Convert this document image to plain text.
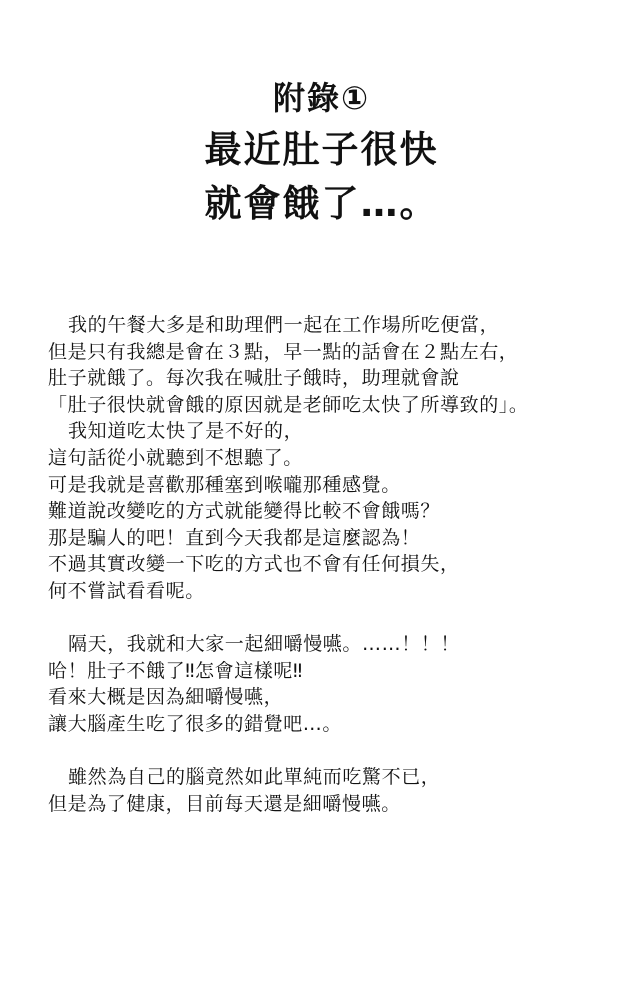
附錄①
最近肚子很快
就會餓了…。
我的午餐大多是和助理們一起在工作場所吃便當，
但是只有我總是會在３點，早一點的話會在２點左右，
肚子就餓了。每次我在喊肚子餓時，助理就會說
「肚子很快就會餓的原因就是老師吃太快了所導致的」。
我知道吃太快了是不好的，
這句話從小就聽到不想聽了。
可是我就是喜歡那種塞到喉嚨那種感覺。
難道說改變吃的方式就能變得比較不會餓嗎？
那是騙人的吧！直到今天我都是這麼認為！
不過其實改變一下吃的方式也不會有任何損失，
何不嘗試看看呢。
隔天，我就和大家一起細嚼慢嚥。……！！！
哈！肚子不餓了‼怎會這樣呢‼
看來大概是因為細嚼慢嚥，
讓大腦產生吃了很多的錯覺吧…。
雖然為自己的腦竟然如此單純而吃驚不已，
但是為了健康，目前每天還是細嚼慢嚥。
